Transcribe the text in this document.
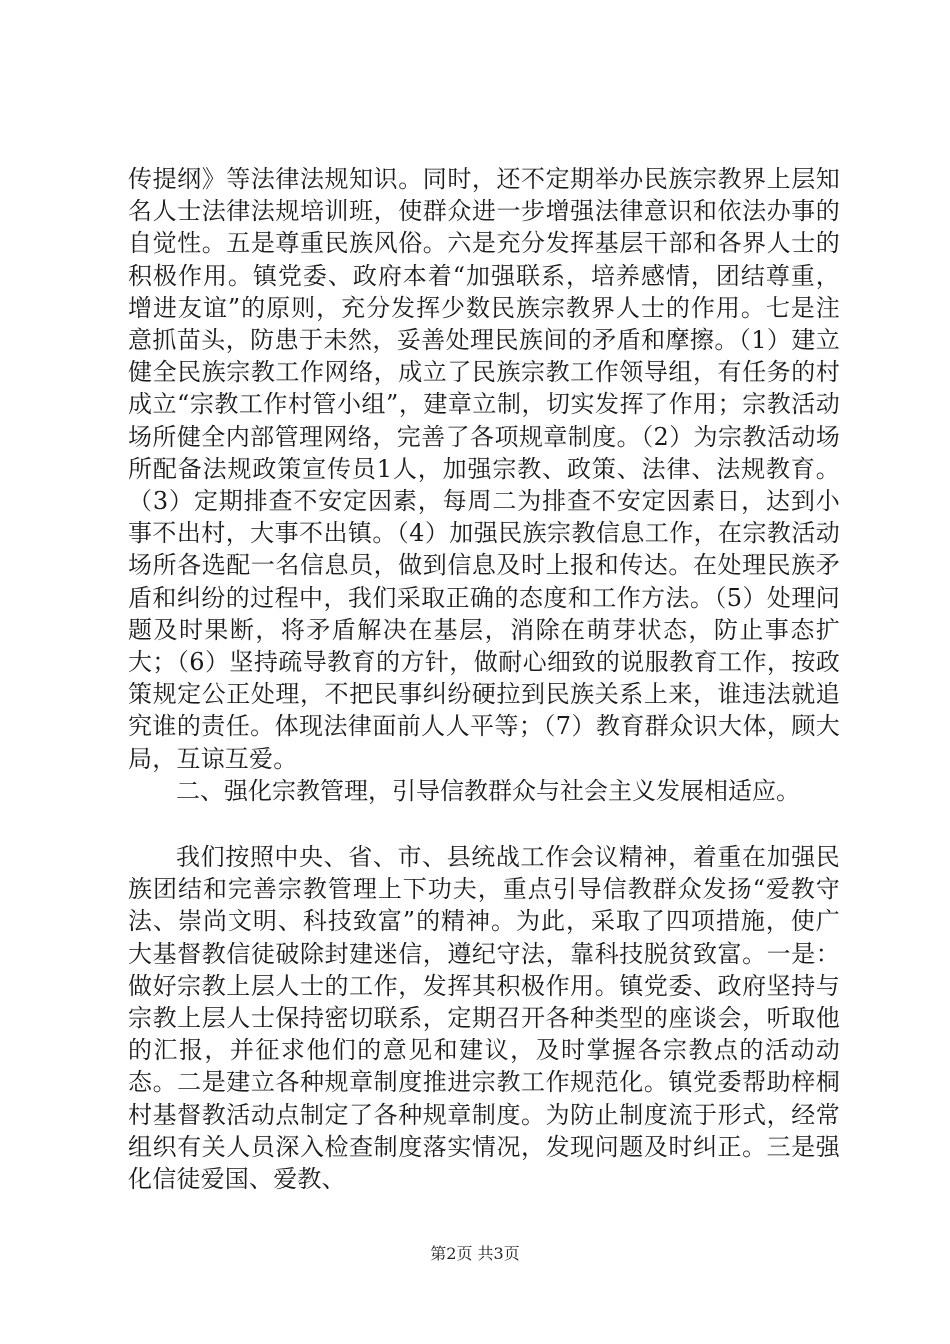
传提纲》等法律法规知识。同时，还不定期举办民族宗教界上层知名人士法律法规培训班，使群众进一步增强法律意识和依法办事的自觉性。五是尊重民族风俗。六是充分发挥基层干部和各界人士的积极作用。镇党委、政府本着“加强联系，培养感情，团结尊重，增进友谊”的原则，充分发挥少数民族宗教界人士的作用。七是注意抓苗头，防患于未然，妥善处理民族间的矛盾和摩擦。（1）建立健全民族宗教工作网络，成立了民族宗教工作领导组，有任务的村成立“宗教工作村管小组”，建章立制，切实发挥了作用；宗教活动场所健全内部管理网络，完善了各项规章制度。（2）为宗教活动场所配备法规政策宣传员1人，加强宗教、政策、法律、法规教育。（3）定期排查不安定因素，每周二为排查不安定因素日，达到小事不出村，大事不出镇。（4）加强民族宗教信息工作，在宗教活动场所各选配一名信息员，做到信息及时上报和传达。在处理民族矛盾和纠纷的过程中，我们采取正确的态度和工作方法。（5）处理问题及时果断，将矛盾解决在基层，消除在萌芽状态，防止事态扩大；（6）坚持疏导教育的方针，做耐心细致的说服教育工作，按政策规定公正处理，不把民事纠纷硬拉到民族关系上来，谁违法就追究谁的责任。体现法律面前人人平等；（7）教育群众识大体，顾大局，互谅互爱。

二、强化宗教管理，引导信教群众与社会主义发展相适应。

我们按照中央、省、市、县统战工作会议精神，着重在加强民族团结和完善宗教管理上下功夫，重点引导信教群众发扬“爱教守法、崇尚文明、科技致富”的精神。为此，采取了四项措施，使广大基督教信徒破除封建迷信，遵纪守法，靠科技脱贫致富。一是：做好宗教上层人士的工作，发挥其积极作用。镇党委、政府坚持与宗教上层人士保持密切联系，定期召开各种类型的座谈会，听取他的汇报，并征求他们的意见和建议，及时掌握各宗教点的活动动态。二是建立各种规章制度推进宗教工作规范化。镇党委帮助梓桐村基督教活动点制定了各种规章制度。为防止制度流于形式，经常组织有关人员深入检查制度落实情况，发现问题及时纠正。三是强化信徒爱国、爱教、

第2页 共3页
